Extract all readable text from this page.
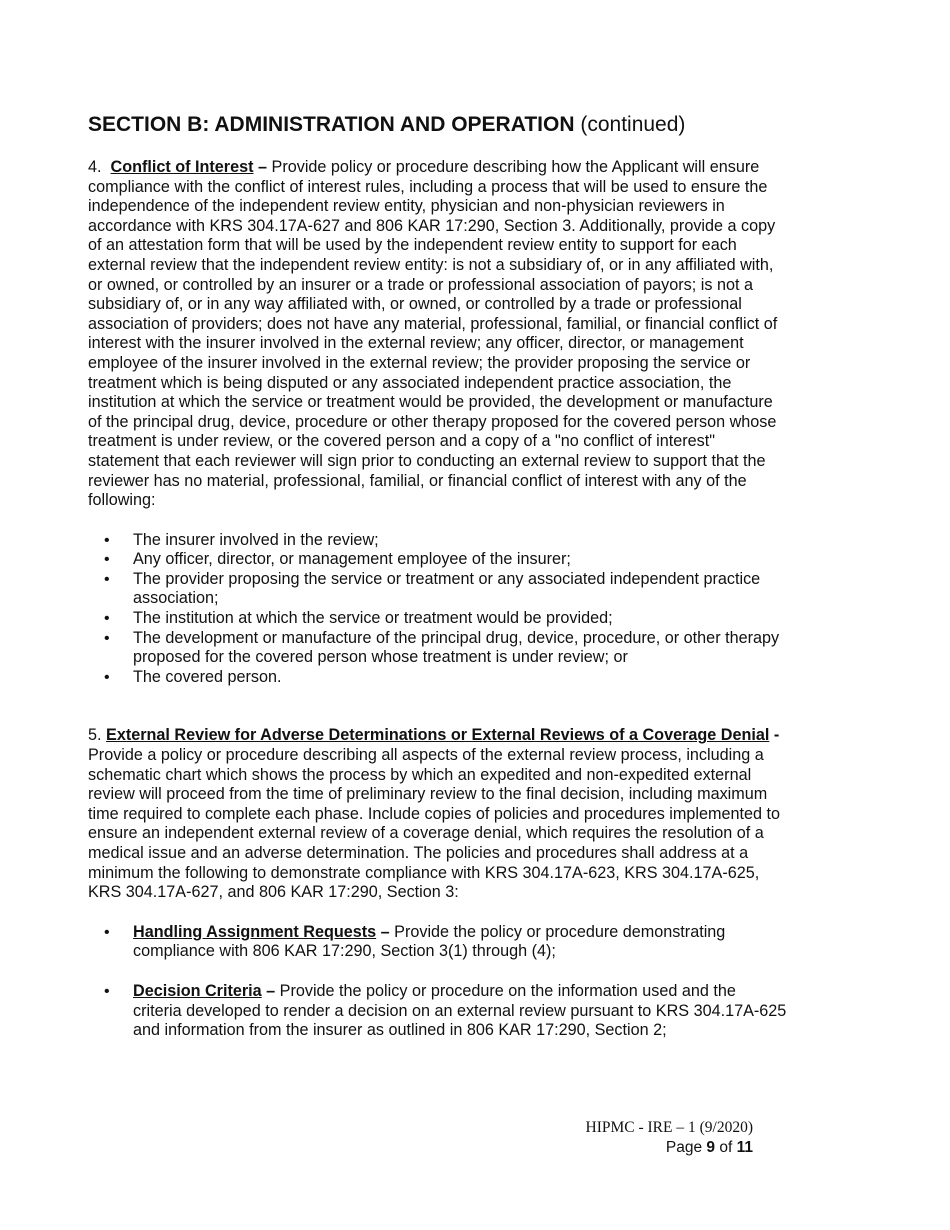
SECTION B: ADMINISTRATION AND OPERATION (continued)

4. Conflict of Interest – Provide policy or procedure describing how the Applicant will ensure compliance with the conflict of interest rules, including a process that will be used to ensure the independence of the independent review entity, physician and non-physician reviewers in accordance with KRS 304.17A-627 and 806 KAR 17:290, Section 3. Additionally, provide a copy of an attestation form that will be used by the independent review entity to support for each external review that the independent review entity: is not a subsidiary of, or in any affiliated with, or owned, or controlled by an insurer or a trade or professional association of payors; is not a subsidiary of, or in any way affiliated with, or owned, or controlled by a trade or professional association of providers; does not have any material, professional, familial, or financial conflict of interest with the insurer involved in the external review; any officer, director, or management employee of the insurer involved in the external review; the provider proposing the service or treatment which is being disputed or any associated independent practice association, the institution at which the service or treatment would be provided, the development or manufacture of the principal drug, device, procedure or other therapy proposed for the covered person whose treatment is under review, or the covered person and a copy of a "no conflict of interest" statement that each reviewer will sign prior to conducting an external review to support that the reviewer has no material, professional, familial, or financial conflict of interest with any of the following:

• The insurer involved in the review;
• Any officer, director, or management employee of the insurer;
• The provider proposing the service or treatment or any associated independent practice association;
• The institution at which the service or treatment would be provided;
• The development or manufacture of the principal drug, device, procedure, or other therapy proposed for the covered person whose treatment is under review; or
• The covered person.

5. External Review for Adverse Determinations or External Reviews of a Coverage Denial - Provide a policy or procedure describing all aspects of the external review process, including a schematic chart which shows the process by which an expedited and non-expedited external review will proceed from the time of preliminary review to the final decision, including maximum time required to complete each phase. Include copies of policies and procedures implemented to ensure an independent external review of a coverage denial, which requires the resolution of a medical issue and an adverse determination. The policies and procedures shall address at a minimum the following to demonstrate compliance with KRS 304.17A-623, KRS 304.17A-625, KRS 304.17A-627, and 806 KAR 17:290, Section 3:

• Handling Assignment Requests – Provide the policy or procedure demonstrating compliance with 806 KAR 17:290, Section 3(1) through (4);
• Decision Criteria – Provide the policy or procedure on the information used and the criteria developed to render a decision on an external review pursuant to KRS 304.17A-625 and information from the insurer as outlined in 806 KAR 17:290, Section 2;
HIPMC - IRE – 1 (9/2020)
Page 9 of 11
